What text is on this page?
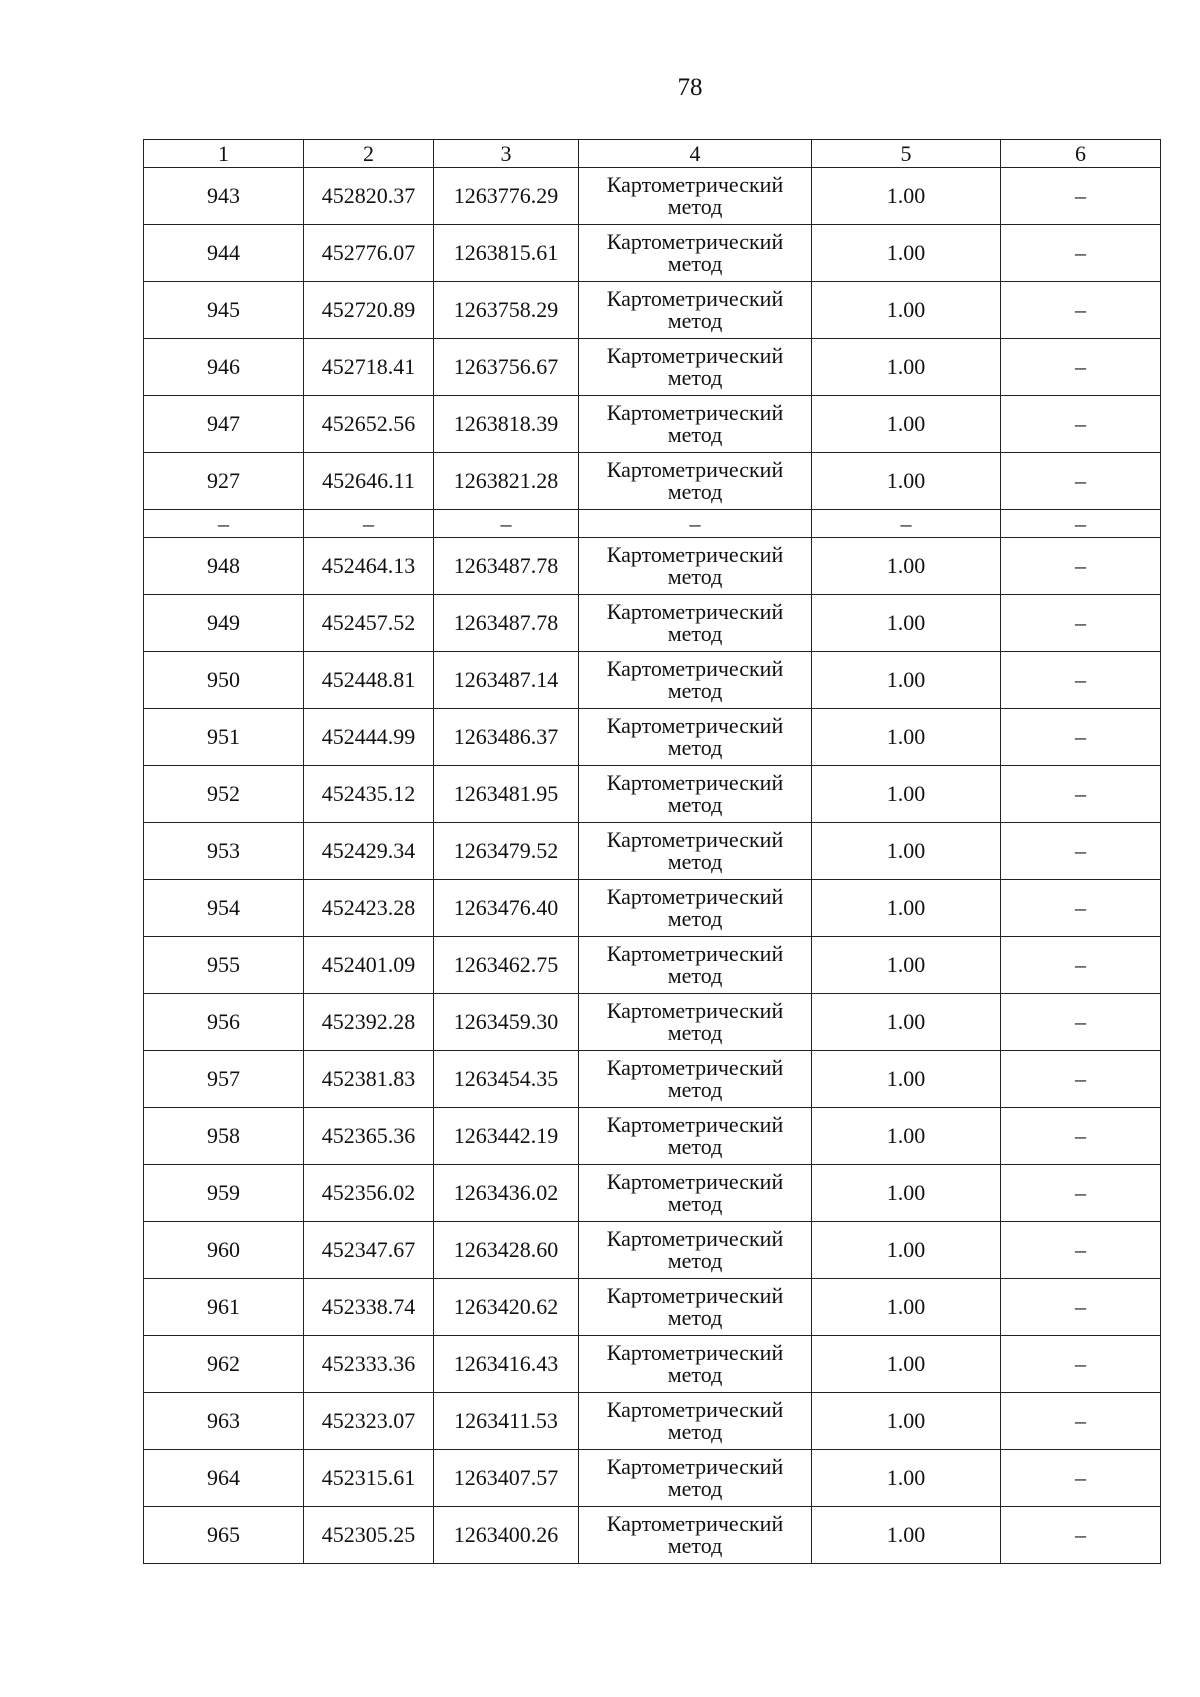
78
1	2	3	4	5	6
943	452820.37	1263776.29	Картометрический метод	1.00	–
944	452776.07	1263815.61	Картометрический метод	1.00	–
945	452720.89	1263758.29	Картометрический метод	1.00	–
946	452718.41	1263756.67	Картометрический метод	1.00	–
947	452652.56	1263818.39	Картометрический метод	1.00	–
927	452646.11	1263821.28	Картометрический метод	1.00	–
–	–	–	–	–	–
948	452464.13	1263487.78	Картометрический метод	1.00	–
949	452457.52	1263487.78	Картометрический метод	1.00	–
950	452448.81	1263487.14	Картометрический метод	1.00	–
951	452444.99	1263486.37	Картометрический метод	1.00	–
952	452435.12	1263481.95	Картометрический метод	1.00	–
953	452429.34	1263479.52	Картометрический метод	1.00	–
954	452423.28	1263476.40	Картометрический метод	1.00	–
955	452401.09	1263462.75	Картометрический метод	1.00	–
956	452392.28	1263459.30	Картометрический метод	1.00	–
957	452381.83	1263454.35	Картометрический метод	1.00	–
958	452365.36	1263442.19	Картометрический метод	1.00	–
959	452356.02	1263436.02	Картометрический метод	1.00	–
960	452347.67	1263428.60	Картометрический метод	1.00	–
961	452338.74	1263420.62	Картометрический метод	1.00	–
962	452333.36	1263416.43	Картометрический метод	1.00	–
963	452323.07	1263411.53	Картометрический метод	1.00	–
964	452315.61	1263407.57	Картометрический метод	1.00	–
965	452305.25	1263400.26	Картометрический метод	1.00	–
